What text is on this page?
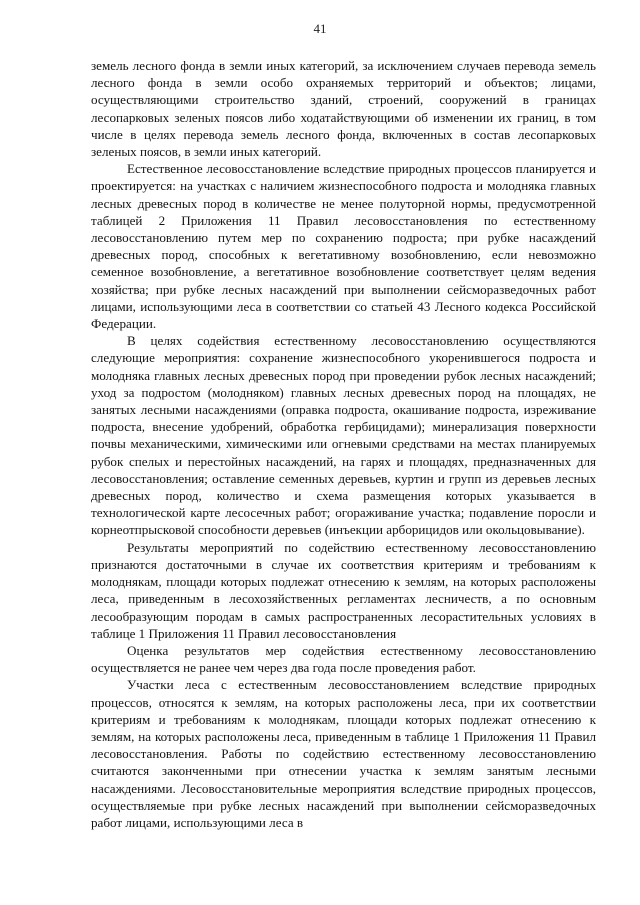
41

земель лесного фонда в земли иных категорий, за исключением случаев перевода земель лесного фонда в земли особо охраняемых территорий и объектов; лицами, осуществляющими строительство зданий, строений, сооружений в границах лесопарковых зеленых поясов либо ходатайствующими об изменении их границ, в том числе в целях перевода земель лесного фонда, включенных в состав лесопарковых зеленых поясов, в земли иных категорий.

Естественное лесовосстановление вследствие природных процессов планируется и проектируется: на участках с наличием жизнеспособного подроста и молодняка главных лесных древесных пород в количестве не менее полуторной нормы, предусмотренной таблицей 2 Приложения 11 Правил лесовосстановления по естественному лесовосстановлению путем мер по сохранению подроста; при рубке насаждений древесных пород, способных к вегетативному возобновлению, если невозможно семенное возобновление, а вегетативное возобновление соответствует целям ведения хозяйства; при рубке лесных насаждений при выполнении сейсморазведочных работ лицами, использующими леса в соответствии со статьей 43 Лесного кодекса Российской Федерации.

В целях содействия естественному лесовосстановлению осуществляются следующие мероприятия: сохранение жизнеспособного укоренившегося подроста и молодняка главных лесных древесных пород при проведении рубок лесных насаждений; уход за подростом (молодняком) главных лесных древесных пород на площадях, не занятых лесными насаждениями (оправка подроста, окашивание подроста, изреживание подроста, внесение удобрений, обработка гербицидами); минерализация поверхности почвы механическими, химическими или огневыми средствами на местах планируемых рубок спелых и перестойных насаждений, на гарях и площадях, предназначенных для лесовосстановления; оставление семенных деревьев, куртин и групп из деревьев лесных древесных пород, количество и схема размещения которых указывается в технологической карте лесосечных работ; огораживание участка; подавление поросли и корнеотпрысковой способности деревьев (инъекции арборицидов или окольцовывание).

Результаты мероприятий по содействию естественному лесовосстановлению признаются достаточными в случае их соответствия критериям и требованиям к молоднякам, площади которых подлежат отнесению к землям, на которых расположены леса, приведенным в лесохозяйственных регламентах лесничеств, а по основным лесообразующим породам в самых распространенных лесорастительных условиях в таблице 1 Приложения 11 Правил лесовосстановления

Оценка результатов мер содействия естественному лесовосстановлению осуществляется не ранее чем через два года после проведения работ.

Участки леса с естественным лесовосстановлением вследствие природных процессов, относятся к землям, на которых расположены леса, при их соответствии критериям и требованиям к молоднякам, площади которых подлежат отнесению к землям, на которых расположены леса, приведенным в таблице 1 Приложения 11 Правил лесовосстановления. Работы по содействию естественному лесовосстановлению считаются законченными при отнесении участка к землям занятым лесными насаждениями. Лесовосстановительные мероприятия вследствие природных процессов, осуществляемые при рубке лесных насаждений при выполнении сейсморазведочных работ лицами, использующими леса в
